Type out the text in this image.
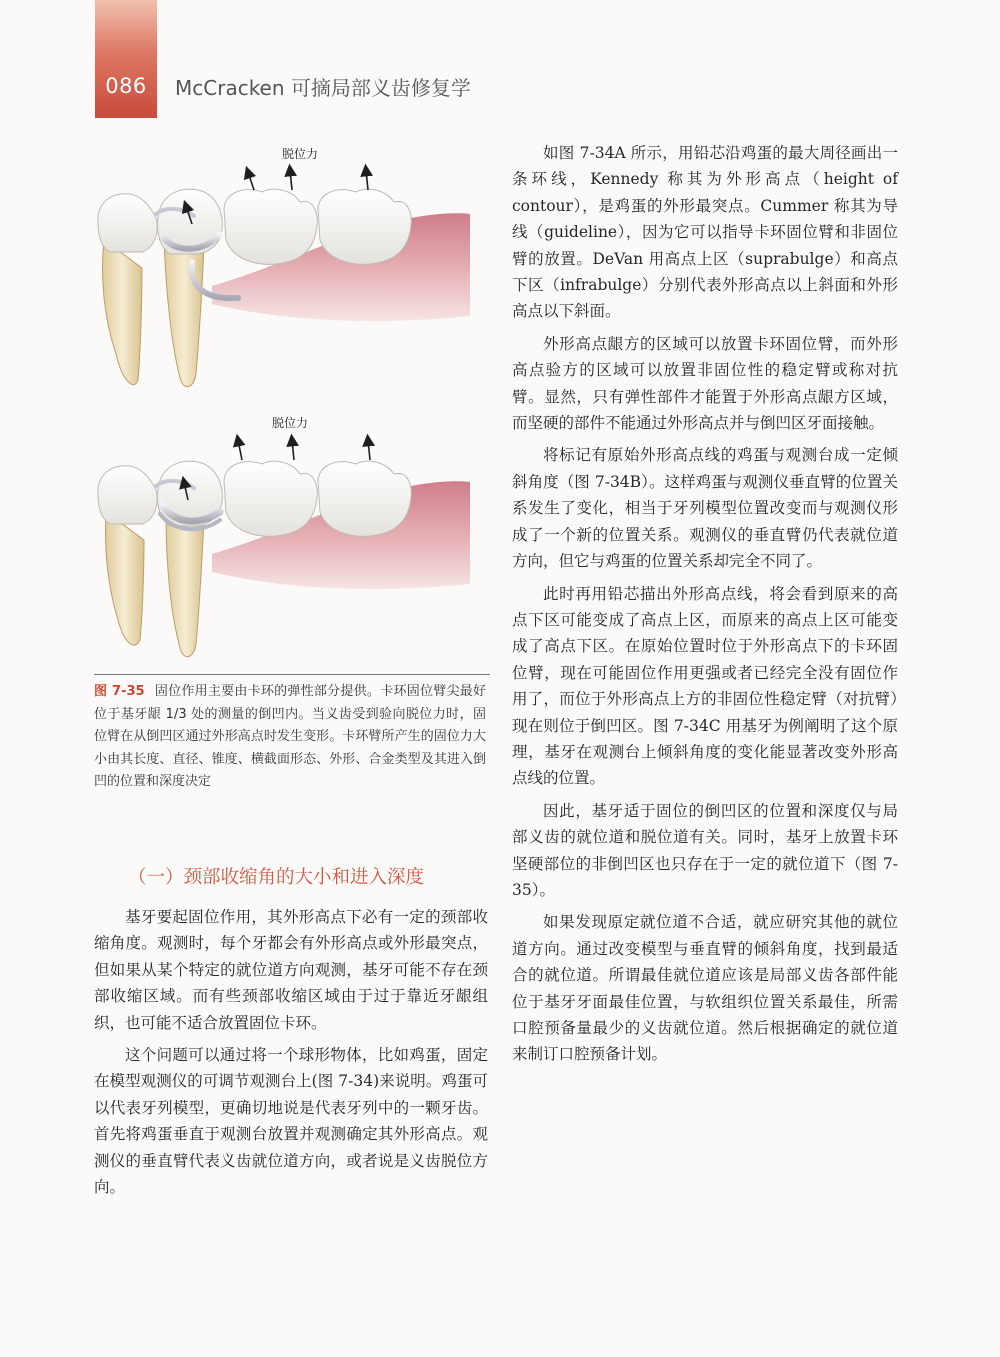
086	McCracken 可摘局部义齿修复学
脱位力
脱位力
图 7-35 固位作用主要由卡环的弹性部分提供。卡环固位臂尖最好位于基牙龈 1/3 处的测量的倒凹内。当义齿受到验向脱位力时，固位臂在从倒凹区通过外形高点时发生变形。卡环臂所产生的固位力大小由其长度、直径、锥度、横截面形态、外形、合金类型及其进入倒凹的位置和深度决定
（一）颈部收缩角的大小和进入深度

基牙要起固位作用，其外形高点下必有一定的颈部收缩角度。观测时，每个牙都会有外形高点或外形最突点，但如果从某个特定的就位道方向观测，基牙可能不存在颈部收缩区域。而有些颈部收缩区域由于过于靠近牙龈组织，也可能不适合放置固位卡环。

这个问题可以通过将一个球形物体，比如鸡蛋，固定在模型观测仪的可调节观测台上(图 7-34)来说明。鸡蛋可以代表牙列模型，更确切地说是代表牙列中的一颗牙齿。首先将鸡蛋垂直于观测台放置并观测确定其外形高点。观测仪的垂直臂代表义齿就位道方向，或者说是义齿脱位方向。

如图 7-34A 所示，用铅芯沿鸡蛋的最大周径画出一条环线，Kennedy 称其为外形高点（height of contour），是鸡蛋的外形最突点。Cummer 称其为导线（guideline），因为它可以指导卡环固位臂和非固位臂的放置。DeVan 用高点上区（suprabulge）和高点下区（infrabulge）分别代表外形高点以上斜面和外形高点以下斜面。

外形高点龈方的区域可以放置卡环固位臂，而外形高点验方的区域可以放置非固位性的稳定臂或称对抗臂。显然，只有弹性部件才能置于外形高点龈方区域，而坚硬的部件不能通过外形高点并与倒凹区牙面接触。

将标记有原始外形高点线的鸡蛋与观测台成一定倾斜角度（图 7-34B）。这样鸡蛋与观测仪垂直臂的位置关系发生了变化，相当于牙列模型位置改变而与观测仪形成了一个新的位置关系。观测仪的垂直臂仍代表就位道方向，但它与鸡蛋的位置关系却完全不同了。

此时再用铅芯描出外形高点线，将会看到原来的高点下区可能变成了高点上区，而原来的高点上区可能变成了高点下区。在原始位置时位于外形高点下的卡环固位臂，现在可能固位作用更强或者已经完全没有固位作用了，而位于外形高点上方的非固位性稳定臂（对抗臂）现在则位于倒凹区。图 7-34C 用基牙为例阐明了这个原理，基牙在观测台上倾斜角度的变化能显著改变外形高点线的位置。

因此，基牙适于固位的倒凹区的位置和深度仅与局部义齿的就位道和脱位道有关。同时，基牙上放置卡环坚硬部位的非倒凹区也只存在于一定的就位道下（图 7-35）。

如果发现原定就位道不合适，就应研究其他的就位道方向。通过改变模型与垂直臂的倾斜角度，找到最适合的就位道。所谓最佳就位道应该是局部义齿各部件能位于基牙牙面最佳位置，与软组织位置关系最佳，所需口腔预备量最少的义齿就位道。然后根据确定的就位道来制订口腔预备计划。
